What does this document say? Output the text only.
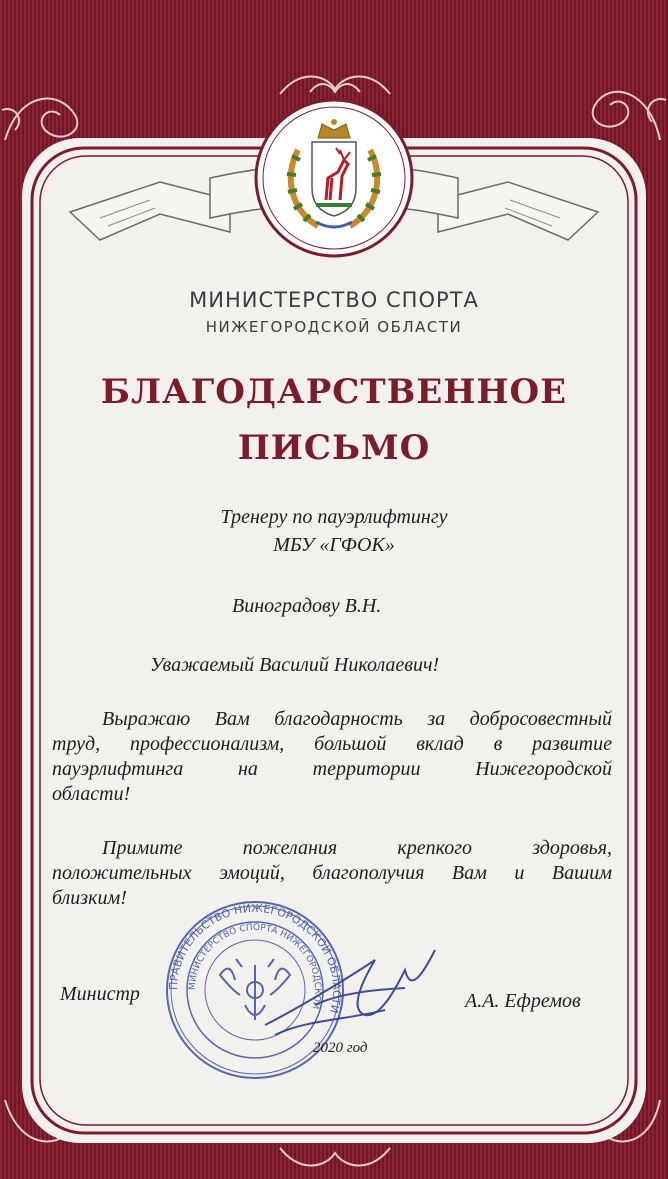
МИНИСТЕРСТВО СПОРТА
НИЖЕГОРОДСКОЙ ОБЛАСТИ
БЛАГОДАРСТВЕННОЕ
ПИСЬМО
Тренеру по пауэрлифтингу
МБУ «ГФОК»
Виноградову В.Н.
Уважаемый Василий Николаевич!
Выражаю Вам благодарность за добросовестный
труд, профессионализм, большой вклад в развитие
пауэрлифтинга на территории Нижегородской
области!
Примите пожелания крепкого здоровья,
положительных эмоций, благополучия Вам и Вашим
близким!
ПРАВИТЕЛЬСТВО НИЖЕГОРОДСКОЙ ОБЛАСТИ
МИНИСТЕРСТВО СПОРТА НИЖЕГОРОДСКОЙ
Министр	А.А. Ефремов
2020 год
